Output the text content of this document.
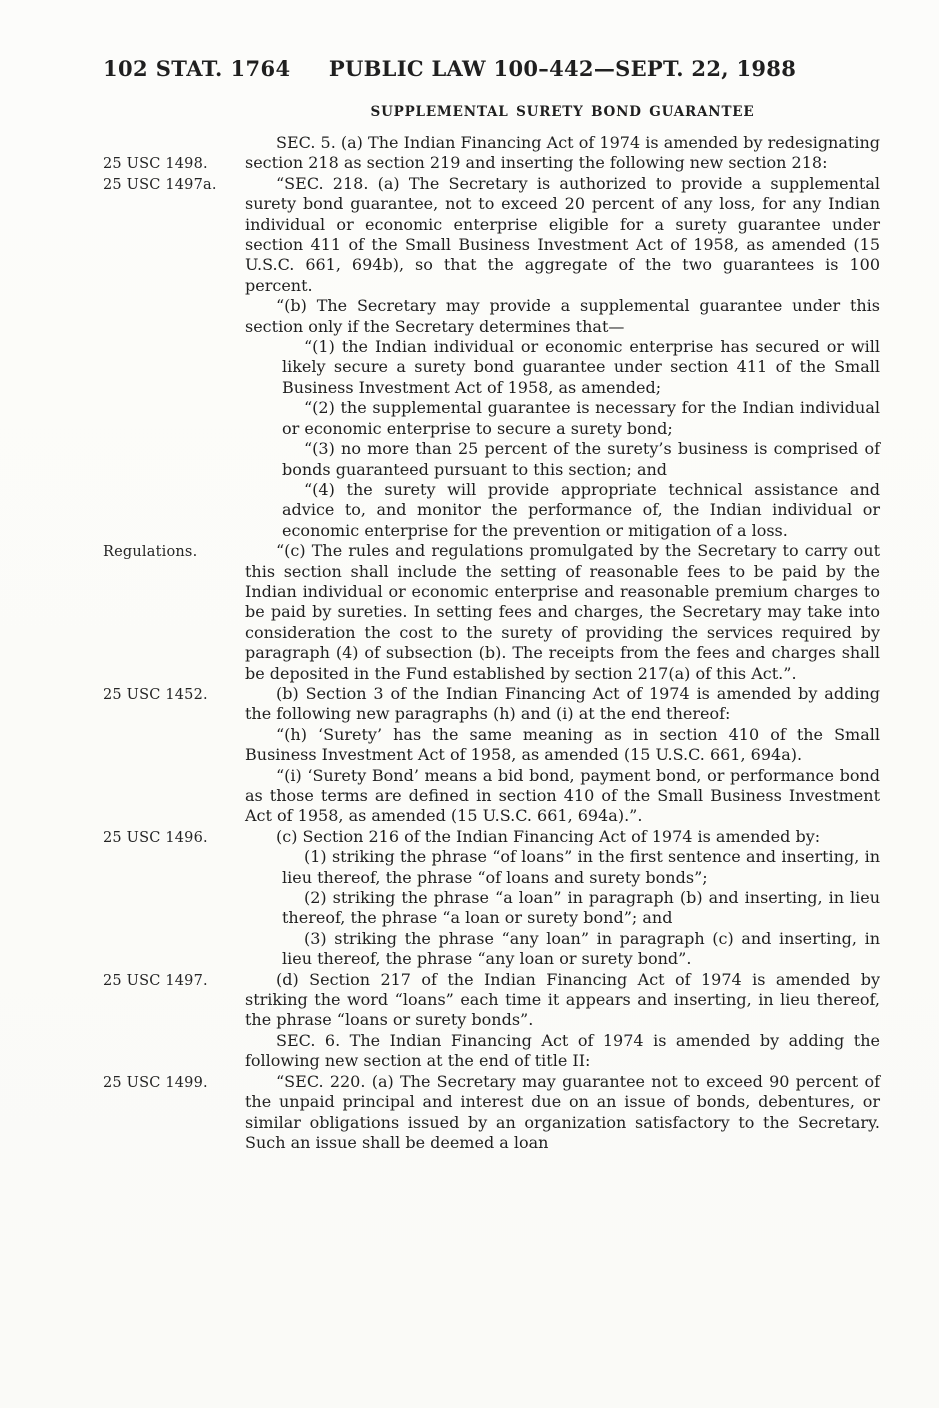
102 STAT. 1764	PUBLIC LAW 100–442—SEPT. 22, 1988
SUPPLEMENTAL SURETY BOND GUARANTEE

25 USC 1498.
SEC. 5. (a) The Indian Financing Act of 1974 is amended by redesignating section 218 as section 219 and inserting the following new section 218:

25 USC 1497a.	“SEC. 218. (a) The Secretary is authorized to provide a supplemental surety bond guarantee, not to exceed 20 percent of any loss, for any Indian individual or economic enterprise eligible for a surety guarantee under section 411 of the Small Business Investment Act of 1958, as amended (15 U.S.C. 661, 694b), so that the aggregate of the two guarantees is 100 percent.

“(b) The Secretary may provide a supplemental guarantee under this section only if the Secretary determines that—

“(1) the Indian individual or economic enterprise has secured or will likely secure a surety bond guarantee under section 411 of the Small Business Investment Act of 1958, as amended;

“(2) the supplemental guarantee is necessary for the Indian individual or economic enterprise to secure a surety bond;

“(3) no more than 25 percent of the surety’s business is comprised of bonds guaranteed pursuant to this section; and

“(4) the surety will provide appropriate technical assistance and advice to, and monitor the performance of, the Indian individual or economic enterprise for the prevention or mitigation of a loss.

Regulations.	“(c) The rules and regulations promulgated by the Secretary to carry out this section shall include the setting of reasonable fees to be paid by the Indian individual or economic enterprise and reasonable premium charges to be paid by sureties. In setting fees and charges, the Secretary may take into consideration the cost to the surety of providing the services required by paragraph (4) of subsection (b). The receipts from the fees and charges shall be deposited in the Fund established by section 217(a) of this Act.”.

25 USC 1452.	(b) Section 3 of the Indian Financing Act of 1974 is amended by adding the following new paragraphs (h) and (i) at the end thereof:

“(h) ‘Surety’ has the same meaning as in section 410 of the Small Business Investment Act of 1958, as amended (15 U.S.C. 661, 694a).

“(i) ‘Surety Bond’ means a bid bond, payment bond, or performance bond as those terms are defined in section 410 of the Small Business Investment Act of 1958, as amended (15 U.S.C. 661, 694a).”.

25 USC 1496.	(c) Section 216 of the Indian Financing Act of 1974 is amended by:

(1) striking the phrase “of loans” in the first sentence and inserting, in lieu thereof, the phrase “of loans and surety bonds”;

(2) striking the phrase “a loan” in paragraph (b) and inserting, in lieu thereof, the phrase “a loan or surety bond”; and

(3) striking the phrase “any loan” in paragraph (c) and inserting, in lieu thereof, the phrase “any loan or surety bond”.

25 USC 1497.	(d) Section 217 of the Indian Financing Act of 1974 is amended by striking the word “loans” each time it appears and inserting, in lieu thereof, the phrase “loans or surety bonds”.

SEC. 6. The Indian Financing Act of 1974 is amended by adding the following new section at the end of title II:

25 USC 1499.	“SEC. 220. (a) The Secretary may guarantee not to exceed 90 percent of the unpaid principal and interest due on an issue of bonds, debentures, or similar obligations issued by an organization satisfactory to the Secretary. Such an issue shall be deemed a loan
